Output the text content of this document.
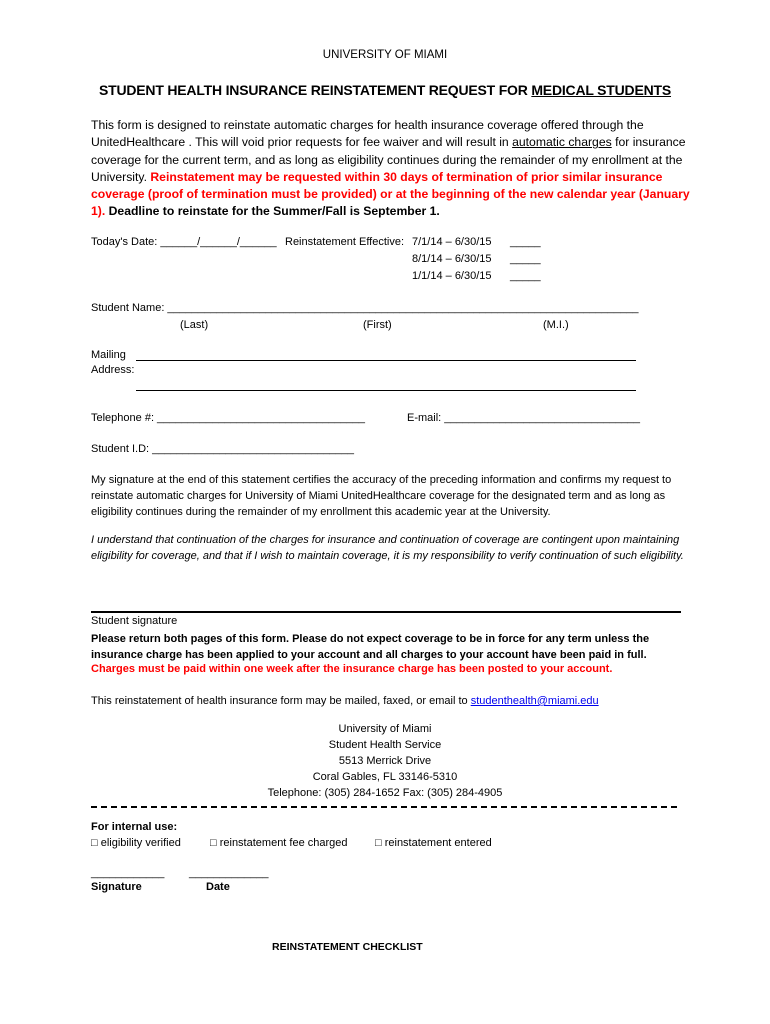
UNIVERSITY OF MIAMI
STUDENT HEALTH INSURANCE REINSTATEMENT REQUEST FOR MEDICAL STUDENTS
This form is designed to reinstate automatic charges for health insurance coverage offered through the UnitedHealthcare . This will void prior requests for fee waiver and will result in automatic charges for insurance coverage for the current term, and as long as eligibility continues during the remainder of my enrollment at the University. Reinstatement may be requested within 30 days of termination of prior similar insurance coverage (proof of termination must be provided) or at the beginning of the new calendar year (January 1). Deadline to reinstate for the Summer/Fall is September 1.
Today's Date: ______/______/______ Reinstatement Effective: 7/1/14 – 6/30/15 _____
8/1/14 – 6/30/15 _____
1/1/14 – 6/30/15 _____
Student Name: _____________________________________________________________________________
(Last)	(First)	(M.I.)
Mailing
Address:
Telephone #: __________________________________	E-mail: ________________________________
Student I.D: _________________________________
My signature at the end of this statement certifies the accuracy of the preceding information and confirms my request to reinstate automatic charges for University of Miami UnitedHealthcare coverage for the designated term and as long as eligibility continues during the remainder of my enrollment this academic year at the University.
I understand that continuation of the charges for insurance and continuation of coverage are contingent upon maintaining eligibility for coverage, and that if I wish to maintain coverage, it is my responsibility to verify continuation of such eligibility.
Student signature
Please return both pages of this form. Please do not expect coverage to be in force for any term unless the insurance charge has been applied to your account and all charges to your account have been paid in full.
Charges must be paid within one week after the insurance charge has been posted to your account.
This reinstatement of health insurance form may be mailed, faxed, or email to studenthealth@miami.edu
University of Miami
Student Health Service
5513 Merrick Drive
Coral Gables, FL 33146-5310
Telephone: (305) 284-1652 Fax: (305) 284-4905
For internal use:
□ eligibility verified	□ reinstatement fee charged □ reinstatement entered
____________ _____________
Signature	Date
REINSTATEMENT CHECKLIST
